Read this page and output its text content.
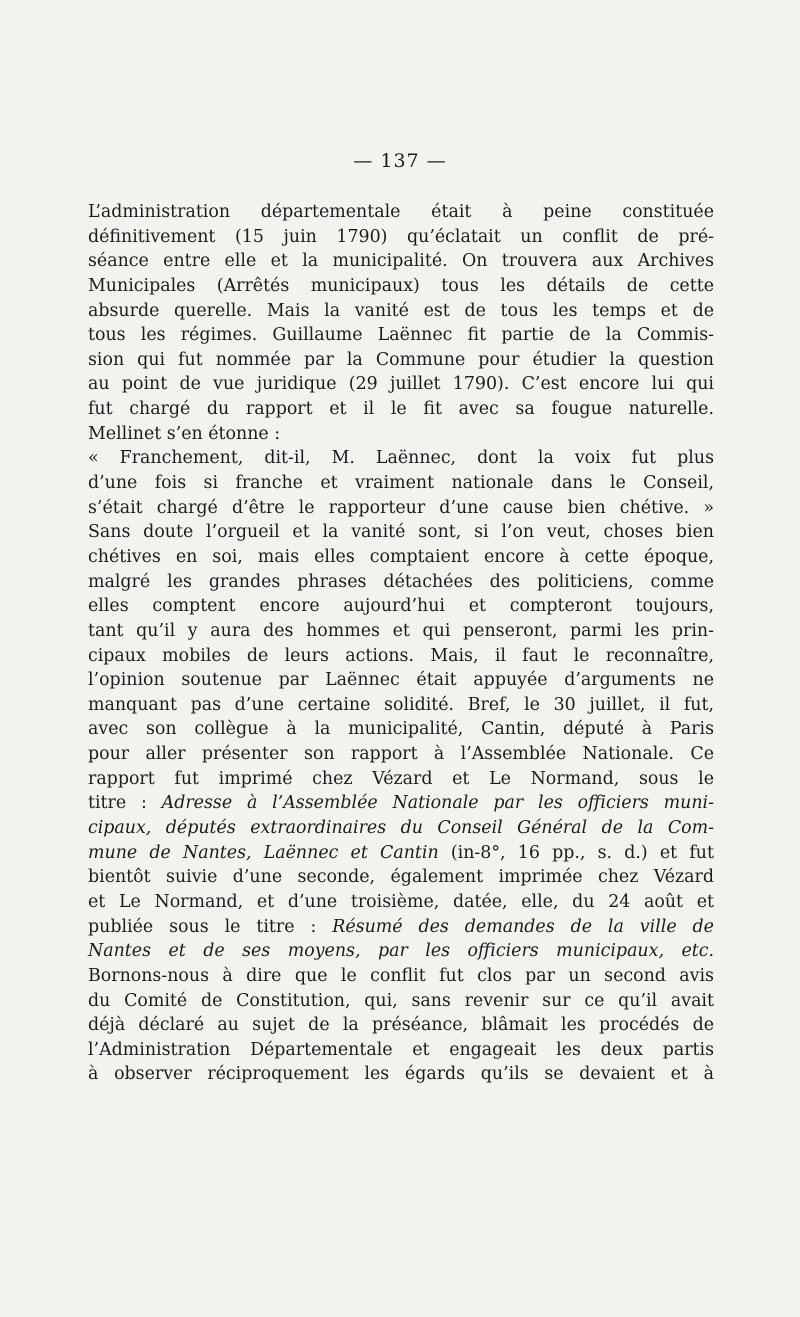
— 137 —
L’administration départementale était à peine constituée
définitivement (15 juin 1790) qu’éclatait un conflit de pré-
séance entre elle et la municipalité. On trouvera aux Archives
Municipales (Arrêtés municipaux) tous les détails de cette
absurde querelle. Mais la vanité est de tous les temps et de
tous les régimes. Guillaume Laënnec fit partie de la Commis-
sion qui fut nommée par la Commune pour étudier la question
au point de vue juridique (29 juillet 1790). C’est encore lui qui
fut chargé du rapport et il le fit avec sa fougue naturelle.
Mellinet s’en étonne :
« Franchement, dit-il, M. Laënnec, dont la voix fut plus
d’une fois si franche et vraiment nationale dans le Conseil,
s’était chargé d’être le rapporteur d’une cause bien chétive. »
Sans doute l’orgueil et la vanité sont, si l’on veut, choses bien
chétives en soi, mais elles comptaient encore à cette époque,
malgré les grandes phrases détachées des politiciens, comme
elles comptent encore aujourd’hui et compteront toujours,
tant qu’il y aura des hommes et qui penseront, parmi les prin-
cipaux mobiles de leurs actions. Mais, il faut le reconnaître,
l’opinion soutenue par Laënnec était appuyée d’arguments ne
manquant pas d’une certaine solidité. Bref, le 30 juillet, il fut,
avec son collègue à la municipalité, Cantin, député à Paris
pour aller présenter son rapport à l’Assemblée Nationale. Ce
rapport fut imprimé chez Vézard et Le Normand, sous le
titre : Adresse à l’Assemblée Nationale par les officiers muni-
cipaux, députés extraordinaires du Conseil Général de la Com-
mune de Nantes, Laënnec et Cantin (in-8°, 16 pp., s. d.) et fut
bientôt suivie d’une seconde, également imprimée chez Vézard
et Le Normand, et d’une troisième, datée, elle, du 24 août et
publiée sous le titre : Résumé des demandes de la ville de
Nantes et de ses moyens, par les officiers municipaux, etc.
Bornons-nous à dire que le conflit fut clos par un second avis
du Comité de Constitution, qui, sans revenir sur ce qu’il avait
déjà déclaré au sujet de la préséance, blâmait les procédés de
l’Administration Départementale et engageait les deux partis
à observer réciproquement les égards qu’ils se devaient et à
